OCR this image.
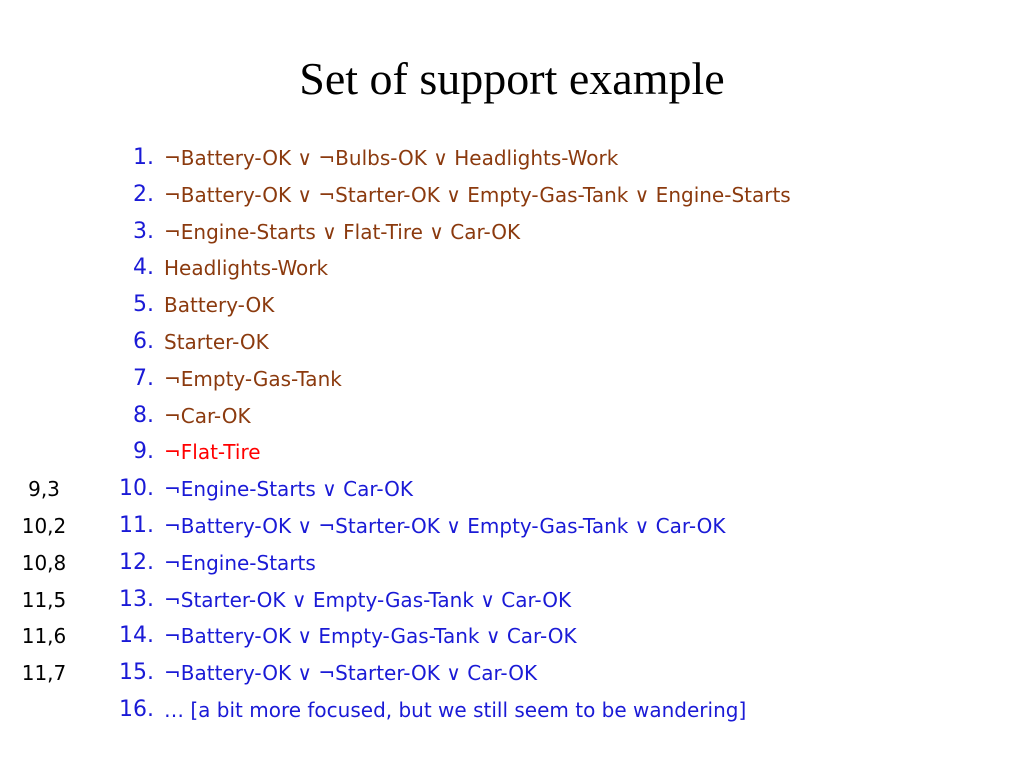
Set of support example
1. ¬Battery-OK ∨ ¬Bulbs-OK ∨ Headlights-Work
2. ¬Battery-OK ∨ ¬Starter-OK ∨ Empty-Gas-Tank ∨ Engine-Starts
3. ¬Engine-Starts ∨ Flat-Tire ∨ Car-OK
4. Headlights-Work
5. Battery-OK
6. Starter-OK
7. ¬Empty-Gas-Tank
8. ¬Car-OK
9. ¬Flat-Tire
9,3	10. ¬Engine-Starts ∨ Car-OK
10,2	11. ¬Battery-OK ∨ ¬Starter-OK ∨ Empty-Gas-Tank ∨ Car-OK
10,8	12. ¬Engine-Starts
11,5	13. ¬Starter-OK ∨ Empty-Gas-Tank ∨ Car-OK
11,6	14. ¬Battery-OK ∨ Empty-Gas-Tank ∨ Car-OK
11,7	15. ¬Battery-OK ∨ ¬Starter-OK ∨ Car-OK
16. … [a bit more focused, but we still seem to be wandering]
